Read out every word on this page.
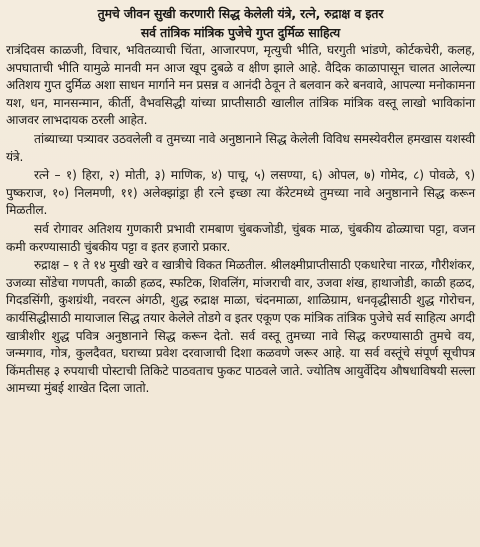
तुमचे जीवन सुखी करणारी सिद्ध केलेली यंत्रे, रत्ने, रुद्राक्ष व इतर
सर्व तांत्रिक मांत्रिक पुजेचे गुप्त दुर्मिळ साहित्य

रात्रंदिवस काळजी, विचार, भवितव्याची चिंता, आजारपण, मृत्युची भीति, घरगुती भांडणे, कोर्टकचेरी, कलह, अपघाताची भीति यामुळे मानवी मन आज खूप दुबळे व क्षीण झाले आहे. वैदिक काळापासून चालत आलेल्या अतिशय गुप्त दुर्मिळ अशा साधन मार्गाने मन प्रसन्न व आनंदी ठेवून ते बलवान करे बनवावे, आपल्या मनोकामना यश, धन, मानसन्मान, कीर्ती, वैभवसिद्धी यांच्या प्राप्तीसाठी खालील तांत्रिक मांत्रिक वस्तू लाखो भाविकांना आजवर लाभदायक ठरली आहेत.

तांब्याच्या पत्र्यावर उठवलेली व तुमच्या नावे अनुष्ठानाने सिद्ध केलेली विविध समस्येवरील हमखास यशस्वी यंत्रे.

रत्ने – १) हिरा, २) मोती, ३) माणिक, ४) पाचू, ५) लसण्या, ६) ओपल, ७) गोमेद, ८) पोवळे, ९) पुष्कराज, १०) निलमणी, ११) अलेक्झांड्रा ही रत्ने इच्छा त्या कॅरेटमध्ये तुमच्या नावे अनुष्ठानाने सिद्ध करून मिळतील.

सर्व रोगावर अतिशय गुणकारी प्रभावी रामबाण चुंबकजोडी, चुंबक माळ, चुंबकीय ढोळ्याचा पट्टा, वजन कमी करण्यासाठी चुंबकीय पट्टा व इतर हजारो प्रकार.

रुद्राक्ष – १ ते १४ मुखी खरे व खात्रीचे विकत मिळतील. श्रीलक्ष्मीप्राप्तीसाठी एकधारेचा नारळ, गौरीशंकर, उजव्या सोंडेचा गणपती, काळी हळद, स्फटिक, शिवलिंग, मांजराची वार, उजवा शंख, हाथाजोडी, काळी हळद, गिदडसिंगी, कुशग्रंथी, नवरत्न अंगठी, शुद्ध रुद्राक्ष माळा, चंदनमाळा, शाळिग्राम, धनवृद्धीसाठी शुद्ध गोरोचन, कार्यसिद्धीसाठी मायाजाल सिद्ध तयार केलेले तोडगे व इतर एकूण एक मांत्रिक तांत्रिक पुजेचे सर्व साहित्य अगदी खात्रीशीर शुद्ध पवित्र अनुष्ठानाने सिद्ध करून देतो. सर्व वस्तू तुमच्या नावे सिद्ध करण्यासाठी तुमचे वय, जन्मगाव, गोत्र, कुलदैवत, घराच्या प्रवेश दरवाजाची दिशा कळवणे जरूर आहे. या सर्व वस्तूंचे संपूर्ण सूचीपत्र किंमतीसह ३ रुपयाची पोस्टाची तिकिटे पाठवताच फुकट पाठवले जाते. ज्योतिष आयुर्वेदिय औषधाविषयी सल्ला आमच्या मुंबई शाखेत दिला जातो.
